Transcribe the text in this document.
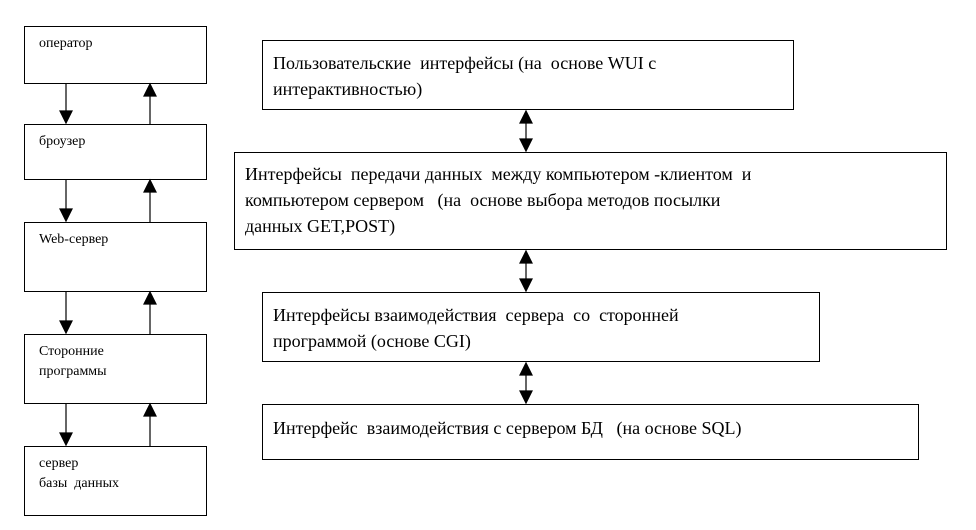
оператор
броузер
Web-сервер
Сторонние
программы
сервер
базы  данных
Пользовательские  интерфейсы (на  основе WUI с
интерактивностью)
Интерфейсы  передачи данных  между компьютером -клиентом  и
компьютером сервером   (на  основе выбора методов посылки
данных GET,POST)
Интерфейсы взаимодействия  сервера  со  сторонней
программой (основе CGI)
Интерфейс  взаимодействия с сервером БД   (на основе SQL)
